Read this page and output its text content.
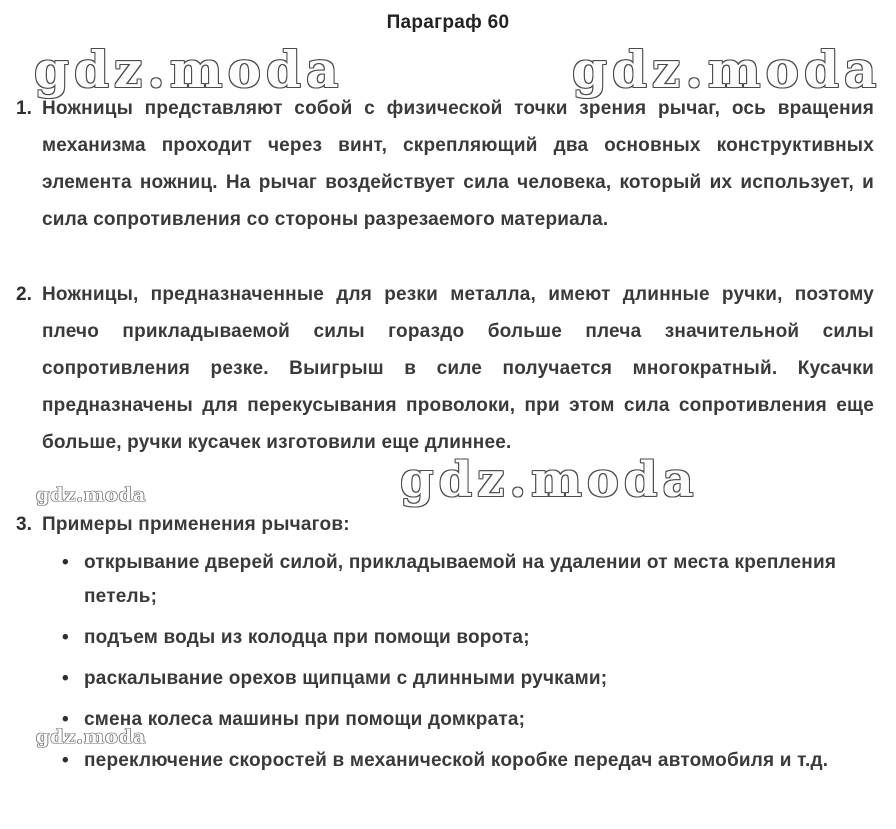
Параграф 60
gdz.moda	gdz.moda
1. Ножницы представляют собой с физической точки зрения рычаг, ось вращения механизма проходит через винт, скрепляющий два основных конструктивных элемента ножниц. На рычаг воздействует сила человека, который их использует, и сила сопротивления со стороны разрезаемого материала.

2. Ножницы, предназначенные для резки металла, имеют длинные ручки, поэтому плечо прикладываемой силы гораздо больше плеча значительной силы сопротивления резке. Выигрыш в силе получается многократный. Кусачки предназначены для перекусывания проволоки, при этом сила сопротивления еще больше, ручки кусачек изготовили еще длиннее.

gdz.moda	gdz.moda
3. Примеры применения рычагов:

• открывание дверей силой, прикладываемой на удалении от места крепления петель;
• подъем воды из колодца при помощи ворота;
• раскалывание орехов щипцами с длинными ручками;
• смена колеса машины при помощи домкрата;
• переключение скоростей в механической коробке передач автомобиля и т.д.
gdz.moda
